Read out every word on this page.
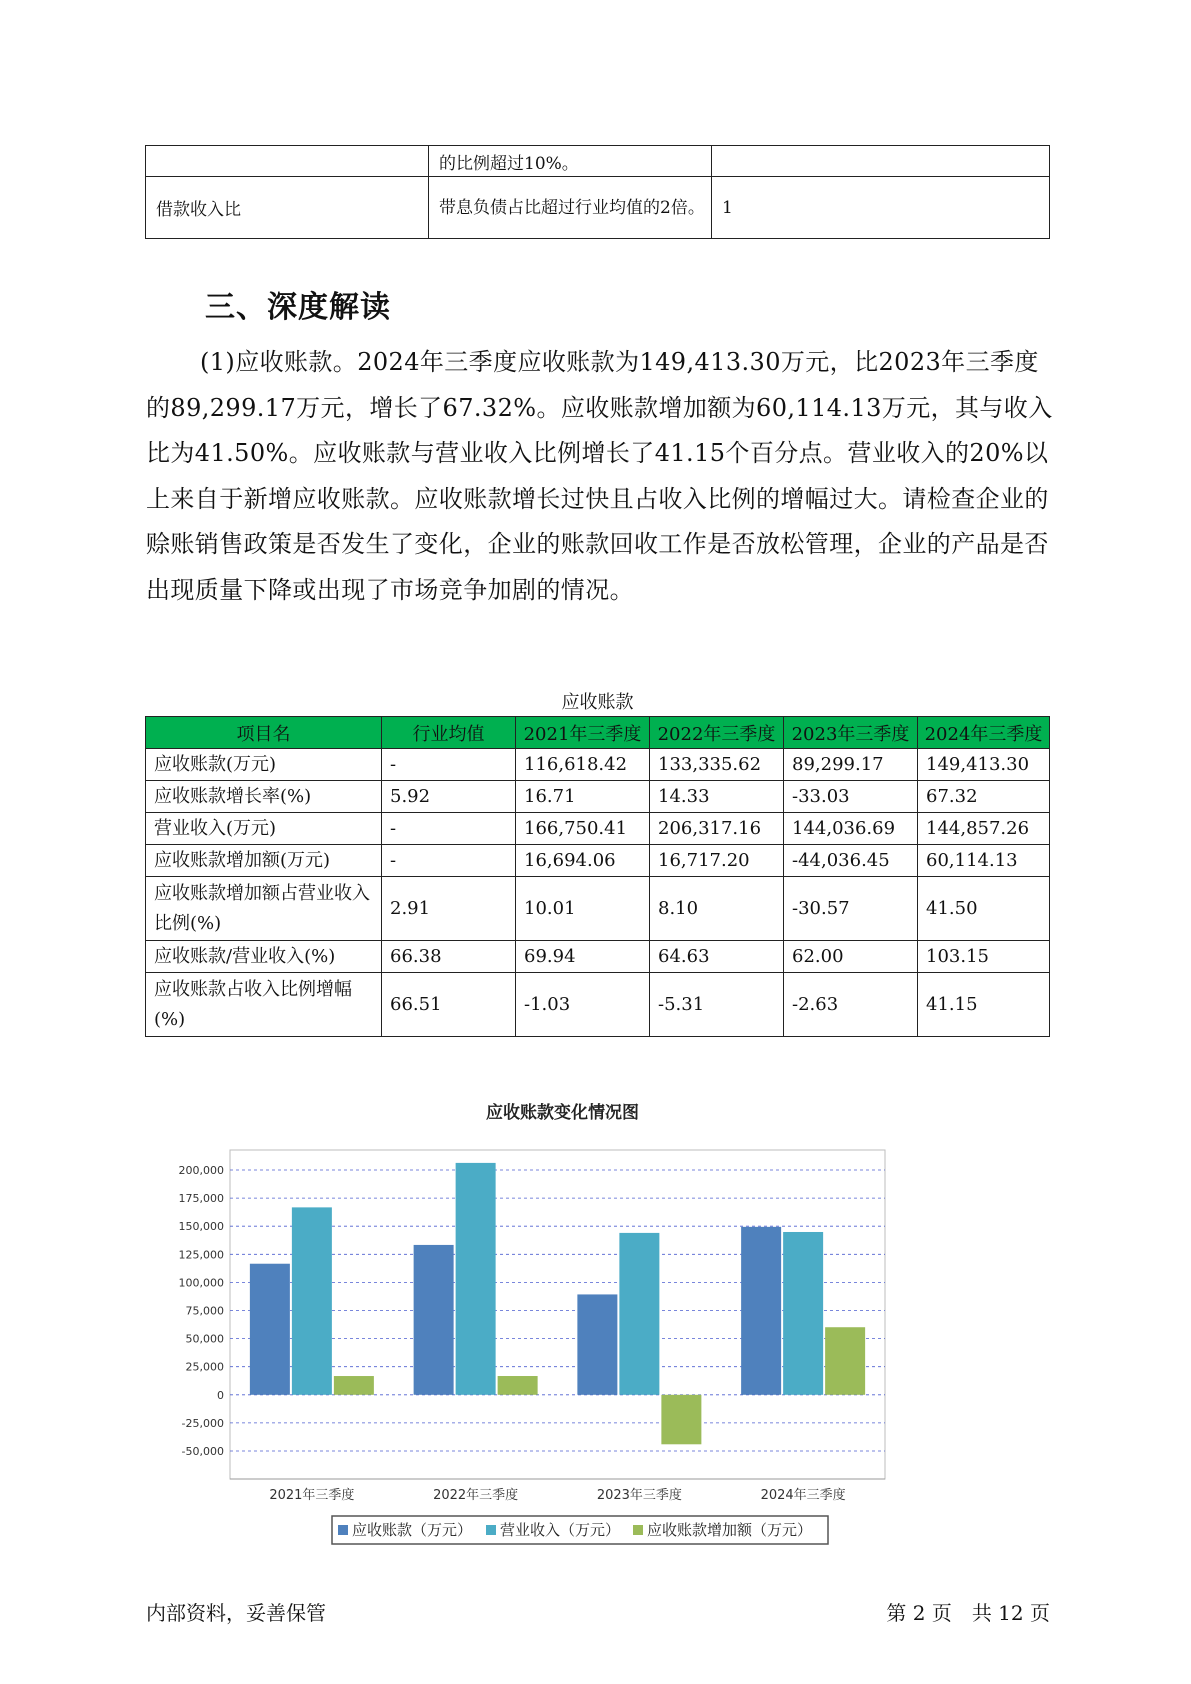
	的比例超过10%。	
借款收入比	带息负债占比超过行业均值的2倍。	1
三、深度解读
(1)应收账款。2024年三季度应收账款为149,413.30万元，比2023年三季度的89,299.17万元，增长了67.32%。应收账款增加额为60,114.13万元，其与收入比为41.50%。应收账款与营业收入比例增长了41.15个百分点。营业收入的20%以上来自于新增应收账款。应收账款增长过快且占收入比例的增幅过大。请检查企业的赊账销售政策是否发生了变化，企业的账款回收工作是否放松管理，企业的产品是否出现质量下降或出现了市场竞争加剧的情况。
应收账款
项目名	行业均值	2021年三季度	2022年三季度	2023年三季度	2024年三季度
应收账款(万元)	-	116,618.42	133,335.62	89,299.17	149,413.30
应收账款增长率(%)	5.92	16.71	14.33	-33.03	67.32
营业收入(万元)	-	166,750.41	206,317.16	144,036.69	144,857.26
应收账款增加额(万元)	-	16,694.06	16,717.20	-44,036.45	60,114.13
应收账款增加额占营业收入比例(%)	2.91	10.01	8.10	-30.57	41.50
应收账款/营业收入(%)	66.38	69.94	64.63	62.00	103.15
应收账款占收入比例增幅(%)	66.51	-1.03	-5.31	-2.63	41.15
应收账款变化情况图
200,000
175,000
150,000
125,000
100,000
75,000
50,000
25,000
0
-25,000
-50,000
2021年三季度	2022年三季度	2023年三季度	2024年三季度
应收账款（万元） 营业收入（万元） 应收账款增加额（万元）
内部资料，妥善保管	第 2 页　共 12 页
